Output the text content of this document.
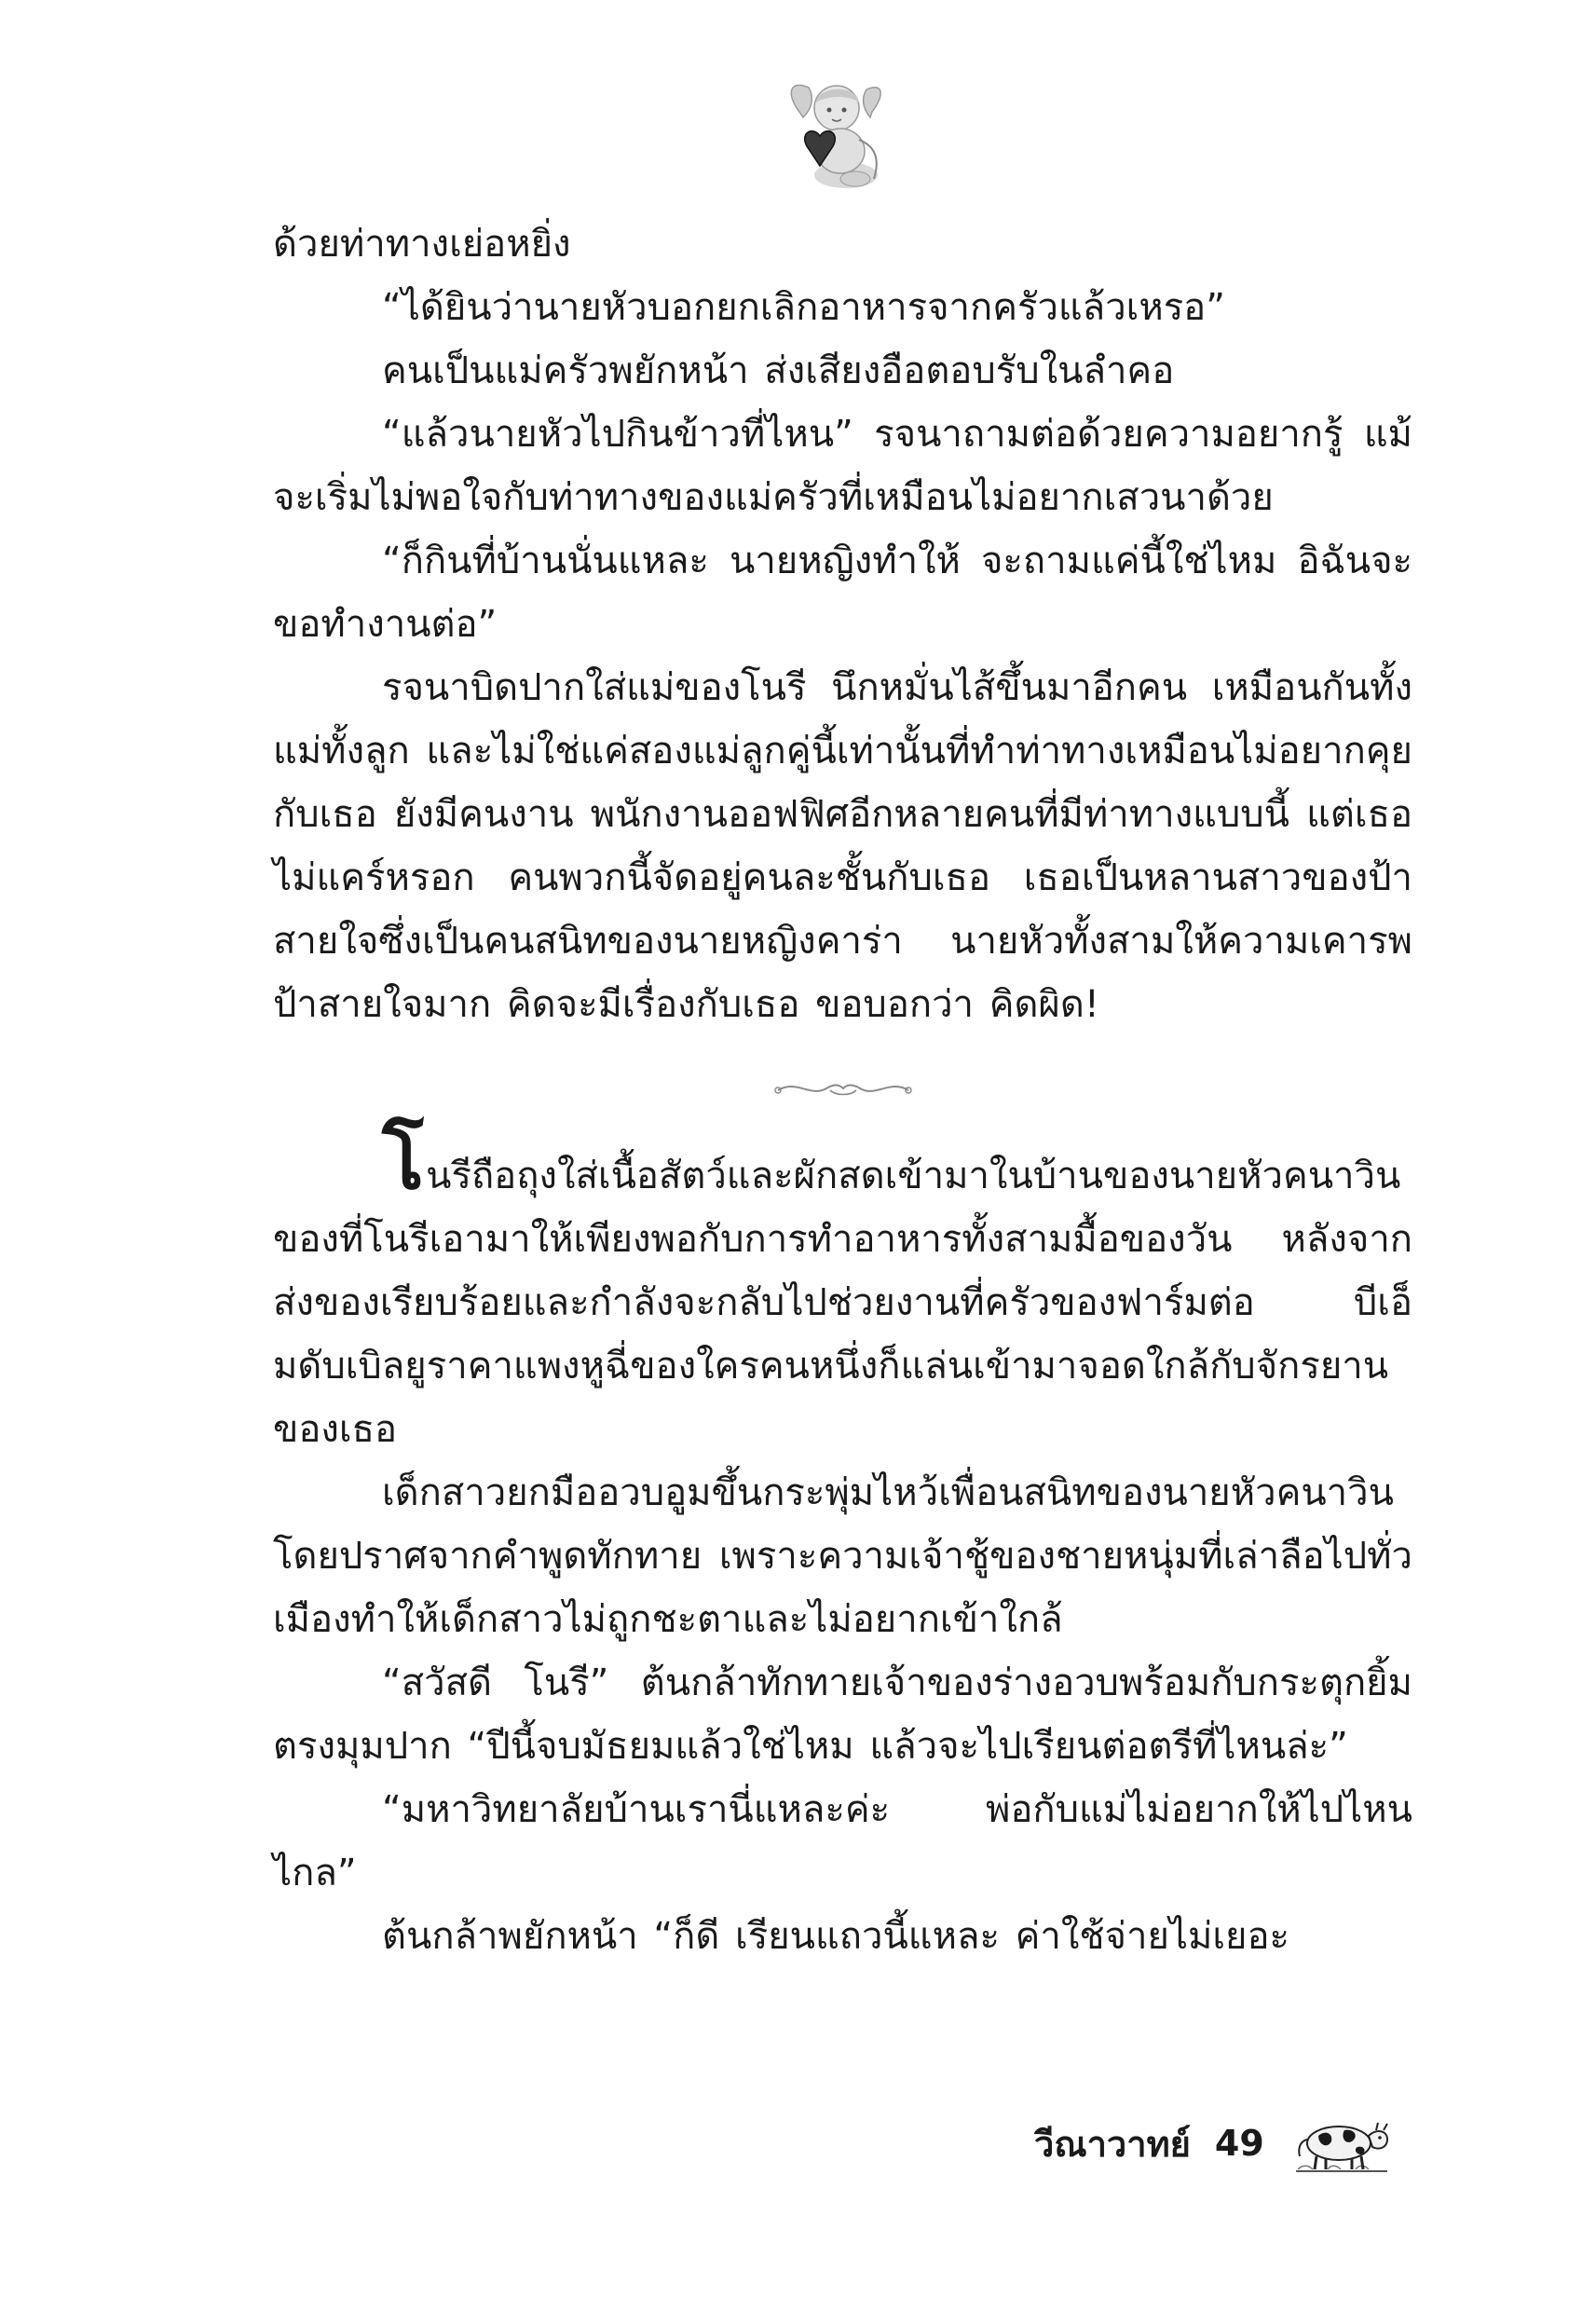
ด้วยท่าทางเย่อหยิ่ง

“ได้ยินว่านายหัวบอกยกเลิกอาหารจากครัวแล้วเหรอ”

คนเป็นแม่ครัวพยักหน้า ส่งเสียงอือตอบรับในลำคอ

“แล้วนายหัวไปกินข้าวที่ไหน” รจนาถามต่อด้วยความอยากรู้ แม้จะเริ่มไม่พอใจกับท่าทางของแม่ครัวที่เหมือนไม่อยากเสวนาด้วย

“ก็กินที่บ้านนั่นแหละ นายหญิงทำให้ จะถามแค่นี้ใช่ไหม อิฉันจะขอทำงานต่อ”

รจนาบิดปากใส่แม่ของโนรี นึกหมั่นไส้ขึ้นมาอีกคน เหมือนกันทั้งแม่ทั้งลูก และไม่ใช่แค่สองแม่ลูกคู่นี้เท่านั้นที่ทำท่าทางเหมือนไม่อยากคุยกับเธอ ยังมีคนงาน พนักงานออฟฟิศอีกหลายคนที่มีท่าทางแบบนี้ แต่เธอไม่แคร์หรอก คนพวกนี้จัดอยู่คนละชั้นกับเธอ เธอเป็นหลานสาวของป้าสายใจซึ่งเป็นคนสนิทของนายหญิงคาร่า นายหัวทั้งสามให้ความเคารพป้าสายใจมาก คิดจะมีเรื่องกับเธอ ขอบอกว่า คิดผิด!

โนรีถือถุงใส่เนื้อสัตว์และผักสดเข้ามาในบ้านของนายหัวคนาวินของที่โนรีเอามาให้เพียงพอกับการทำอาหารทั้งสามมื้อของวัน หลังจากส่งของเรียบร้อยและกำลังจะกลับไปช่วยงานที่ครัวของฟาร์มต่อ บีเอ็มดับเบิลยูราคาแพงหูฉี่ของใครคนหนึ่งก็แล่นเข้ามาจอดใกล้กับจักรยานของเธอ

เด็กสาวยกมืออวบอูมขึ้นกระพุ่มไหว้เพื่อนสนิทของนายหัวคนาวินโดยปราศจากคำพูดทักทาย เพราะความเจ้าชู้ของชายหนุ่มที่เล่าลือไปทั่วเมืองทำให้เด็กสาวไม่ถูกชะตาและไม่อยากเข้าใกล้

“สวัสดี โนรี” ต้นกล้าทักทายเจ้าของร่างอวบพร้อมกับกระตุกยิ้มตรงมุมปาก “ปีนี้จบมัธยมแล้วใช่ไหม แล้วจะไปเรียนต่อตรีที่ไหนล่ะ”

“มหาวิทยาลัยบ้านเรานี่แหละค่ะ พ่อกับแม่ไม่อยากให้ไปไหนไกล”

ต้นกล้าพยักหน้า “ก็ดี เรียนแถวนี้แหละ ค่าใช้จ่ายไม่เยอะ

วีณาวาทย์ 49
